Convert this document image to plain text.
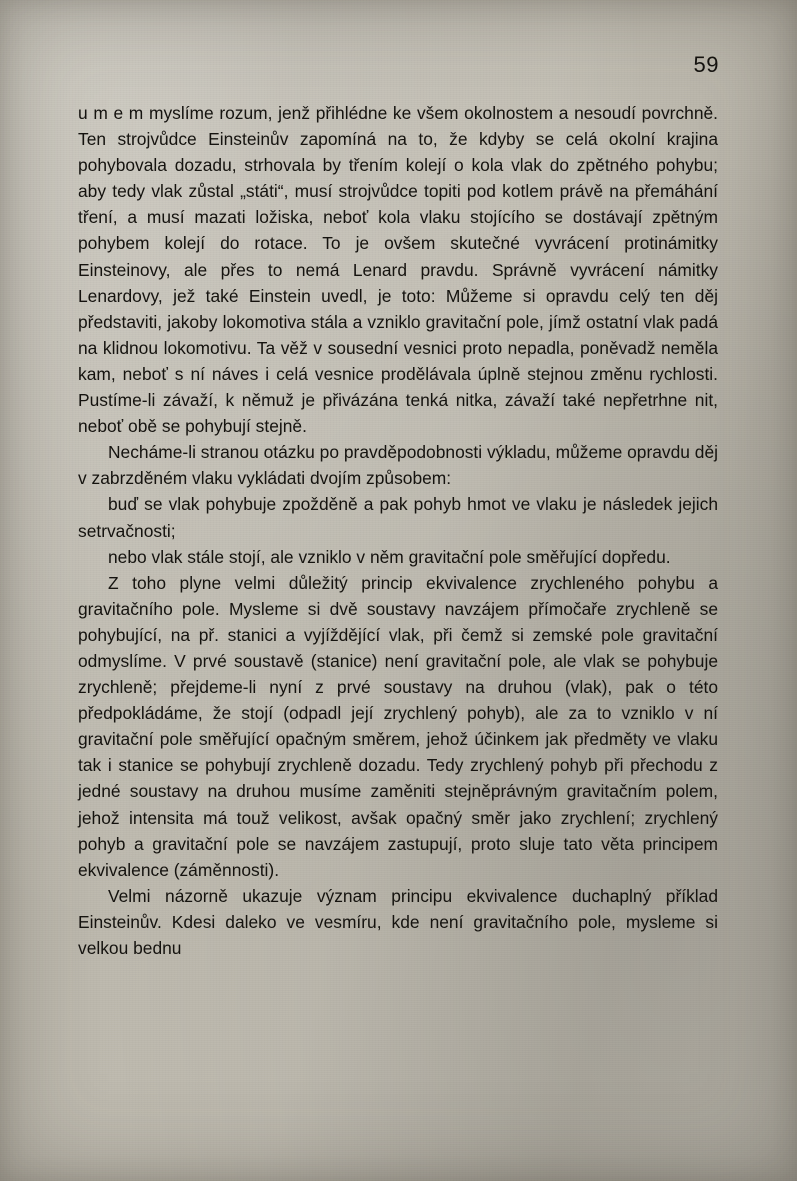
59

u m e m myslíme rozum, jenž přihlédne ke všem okolnostem a nesoudí povrchně. Ten strojvůdce Einsteinův zapomíná na to, že kdyby se celá okolní krajina pohybovala dozadu, strhovala by třením kolejí o kola vlak do zpětného pohybu; aby tedy vlak zůstal „státi“, musí strojvůdce topiti pod kotlem právě na přemáhání tření, a musí mazati ložiska, neboť kola vlaku stojícího se dostávají zpětným pohybem kolejí do rotace. To je ovšem skutečné vyvrácení protinámitky Einsteinovy, ale přes to nemá Lenard pravdu. Správně vyvrácení námitky Lenardovy, jež také Einstein uvedl, je toto: Můžeme si opravdu celý ten děj představiti, jakoby lokomotiva stála a vzniklo gravitační pole, jímž ostatní vlak padá na klidnou lokomotivu. Ta věž v sousední vesnici proto nepadla, poněvadž neměla kam, neboť s ní náves i celá vesnice prodělávala úplně stejnou změnu rychlosti. Pustíme-li závaží, k němuž je přivázána tenká nitka, závaží také nepřetrhne nit, neboť obě se pohybují stejně.

Necháme-li stranou otázku po pravděpodobnosti výkladu, můžeme opravdu děj v zabrzděném vlaku vykládati dvojím způsobem:

buď se vlak pohybuje zpožděně a pak pohyb hmot ve vlaku je následek jejich setrvačnosti;

nebo vlak stále stojí, ale vzniklo v něm gravitační pole směřující dopředu.

Z toho plyne velmi důležitý princip ekvivalence zrychleného pohybu a gravitačního pole. Mysleme si dvě soustavy navzájem přímočaře zrychleně se pohybující, na př. stanici a vyjíždějící vlak, při čemž si zemské pole gravitační odmyslíme. V prvé soustavě (stanice) není gravitační pole, ale vlak se pohybuje zrychleně; přejdeme-li nyní z prvé soustavy na druhou (vlak), pak o této předpokládáme, že stojí (odpadl její zrychlený pohyb), ale za to vzniklo v ní gravitační pole směřující opačným směrem, jehož účinkem jak předměty ve vlaku tak i stanice se pohybují zrychleně dozadu. Tedy zrychlený pohyb při přechodu z jedné soustavy na druhou musíme zaměniti stejněprávným gravitačním polem, jehož intensita má touž velikost, avšak opačný směr jako zrychlení; zrychlený pohyb a gravitační pole se navzájem zastupují, proto sluje tato věta principem ekvivalence (záměnnosti).

Velmi názorně ukazuje význam principu ekvivalence duchaplný příklad Einsteinův. Kdesi daleko ve vesmíru, kde není gravitačního pole, mysleme si velkou bednu
